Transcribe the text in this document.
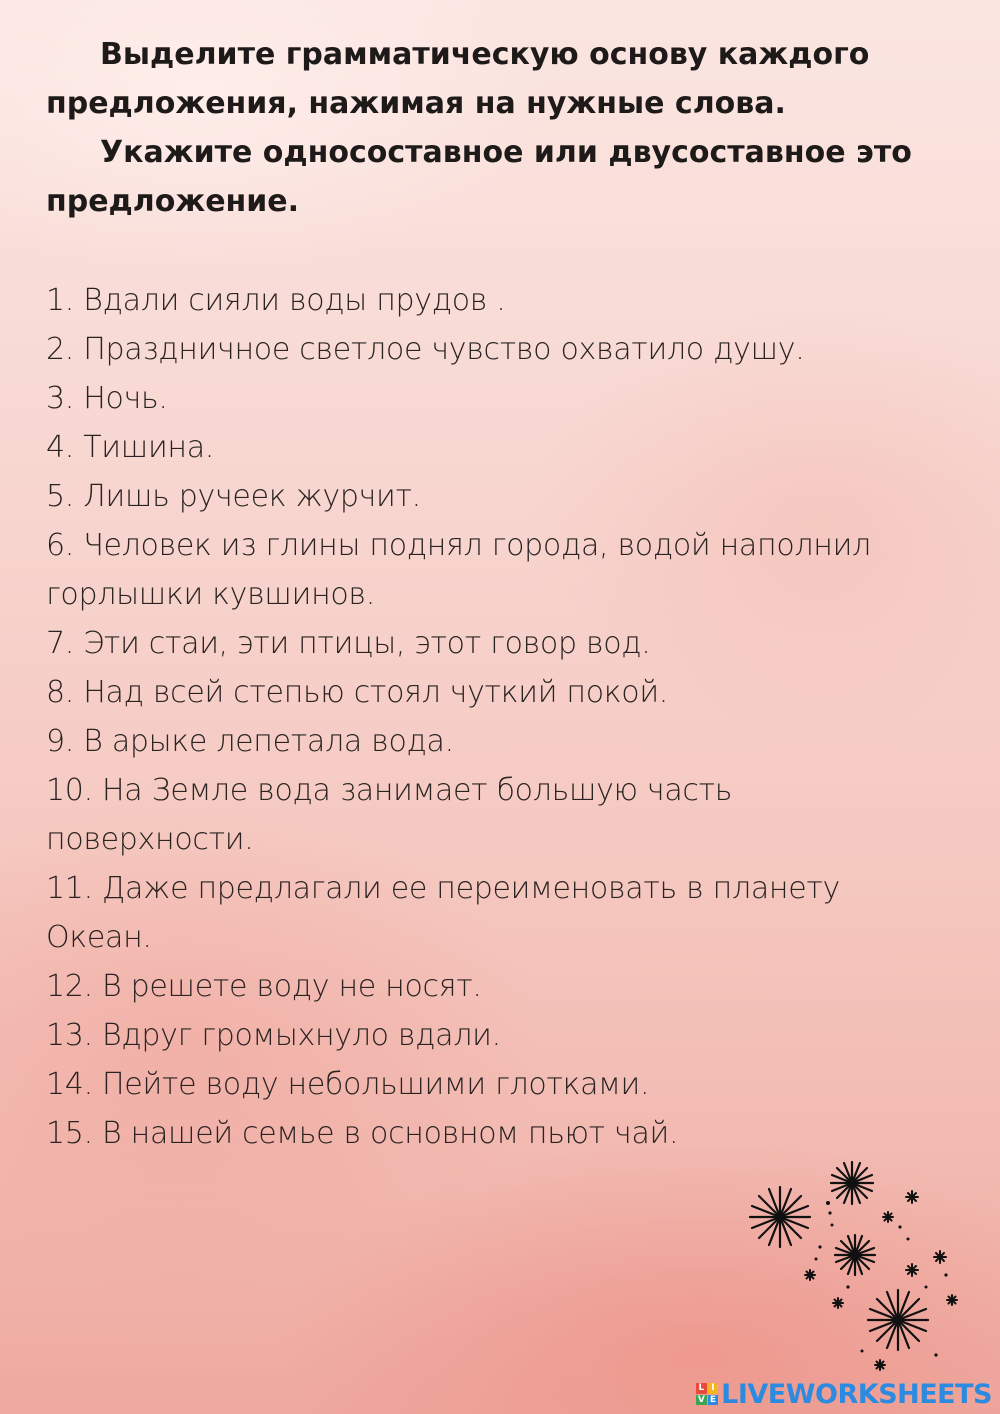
Выделите грамматическую основу каждого предложения, нажимая на нужные слова.

Укажите односоставное или двусоставное это предложение.

1. Вдали сияли воды прудов .
2. Праздничное светлое чувство охватило душу.
3. Ночь.
4. Тишина.
5. Лишь ручеек журчит.
6. Человек из глины поднял города, водой наполнил горлышки кувшинов.
7. Эти стаи, эти птицы, этот говор вод.
8. Над всей степью стоял чуткий покой.
9. В арыке лепетала вода.
10. На Земле вода занимает большую часть поверхности.
11. Даже предлагали ее переименовать в планету Океан.
12. В решете воду не носят.
13. Вдруг громыхнуло вдали.
14. Пейте воду небольшими глотками.
15. В нашей семье в основном пьют чай.
L I
V E LIVEWORKSHEETS
